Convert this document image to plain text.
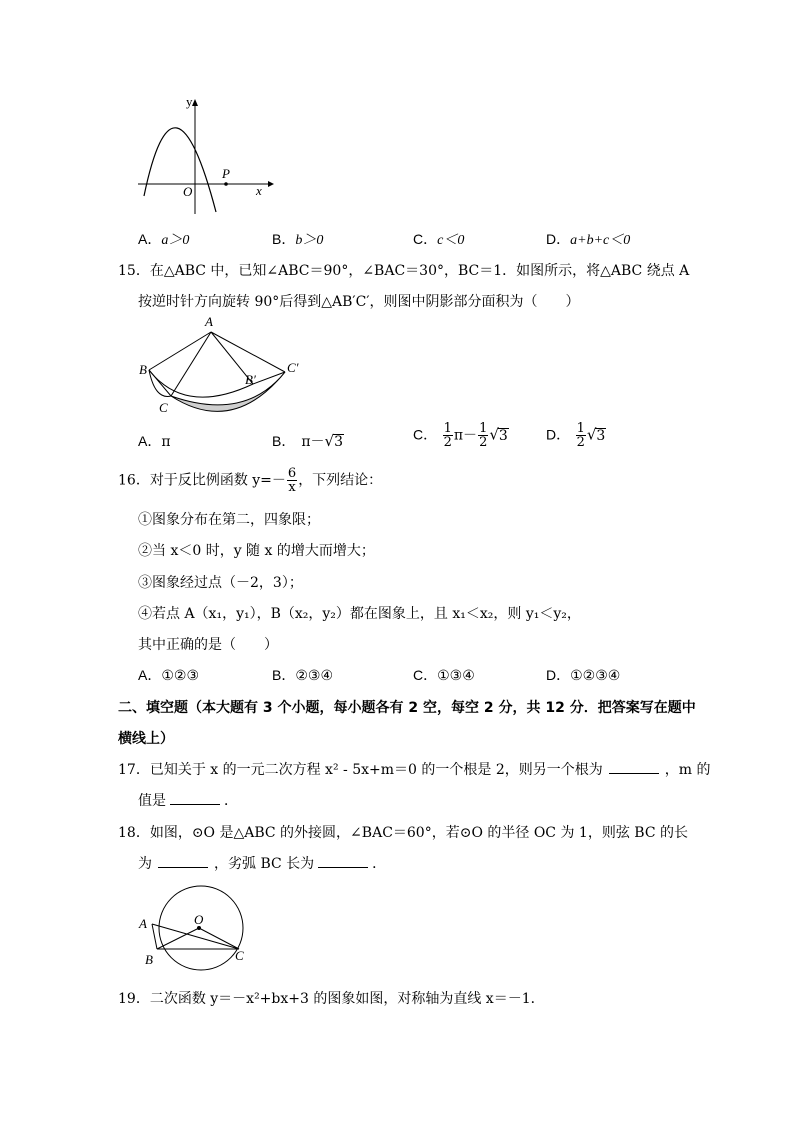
y
x
O
P
A．a＞0	B．b＞0	C．c＜0	D．a+b+c＜0
15．在△ABC 中，已知∠ABC＝90°，∠BAC＝30°，BC＝1．如图所示，将△ABC 绕点 A
按逆时针方向旋转 90°后得到△AB′C′，则图中阴影部分面积为（　　）
A
B
C
B′
C′
A．π	B． π－√3	C． $\frac{1}{2} \pi- \frac{1}{2} √3$	D． $\frac{1}{2} √3$
16．对于反比例函数 $y=- \frac{6}{x}$ ，下列结论：
①图象分布在第二，四象限；
②当 x＜0 时，y 随 x 的增大而增大；
③图象经过点（－2，3）；
④若点 A（x₁，y₁），B（x₂，y₂）都在图象上，且 x₁＜x₂，则 y₁＜y₂，
其中正确的是（　　）
A．①②③	B．②③④	C．①③④	D．①②③④
二、填空题（本大题有 3 个小题，每小题各有 2 空，每空 2 分，共 12 分．把答案写在题中
横线上）
17．已知关于 x 的一元二次方程 x² - 5x+m＝0 的一个根是 2，则另一个根为	，m 的
值是	．
18．如图，⊙O 是△ABC 的外接圆，∠BAC＝60°，若⊙O 的半径 OC 为 1，则弦 BC 的长
为	，劣弧 BC 长为	．
O
A
B	C
19．二次函数 y＝－x²+bx+3 的图象如图，对称轴为直线 x＝－1．
